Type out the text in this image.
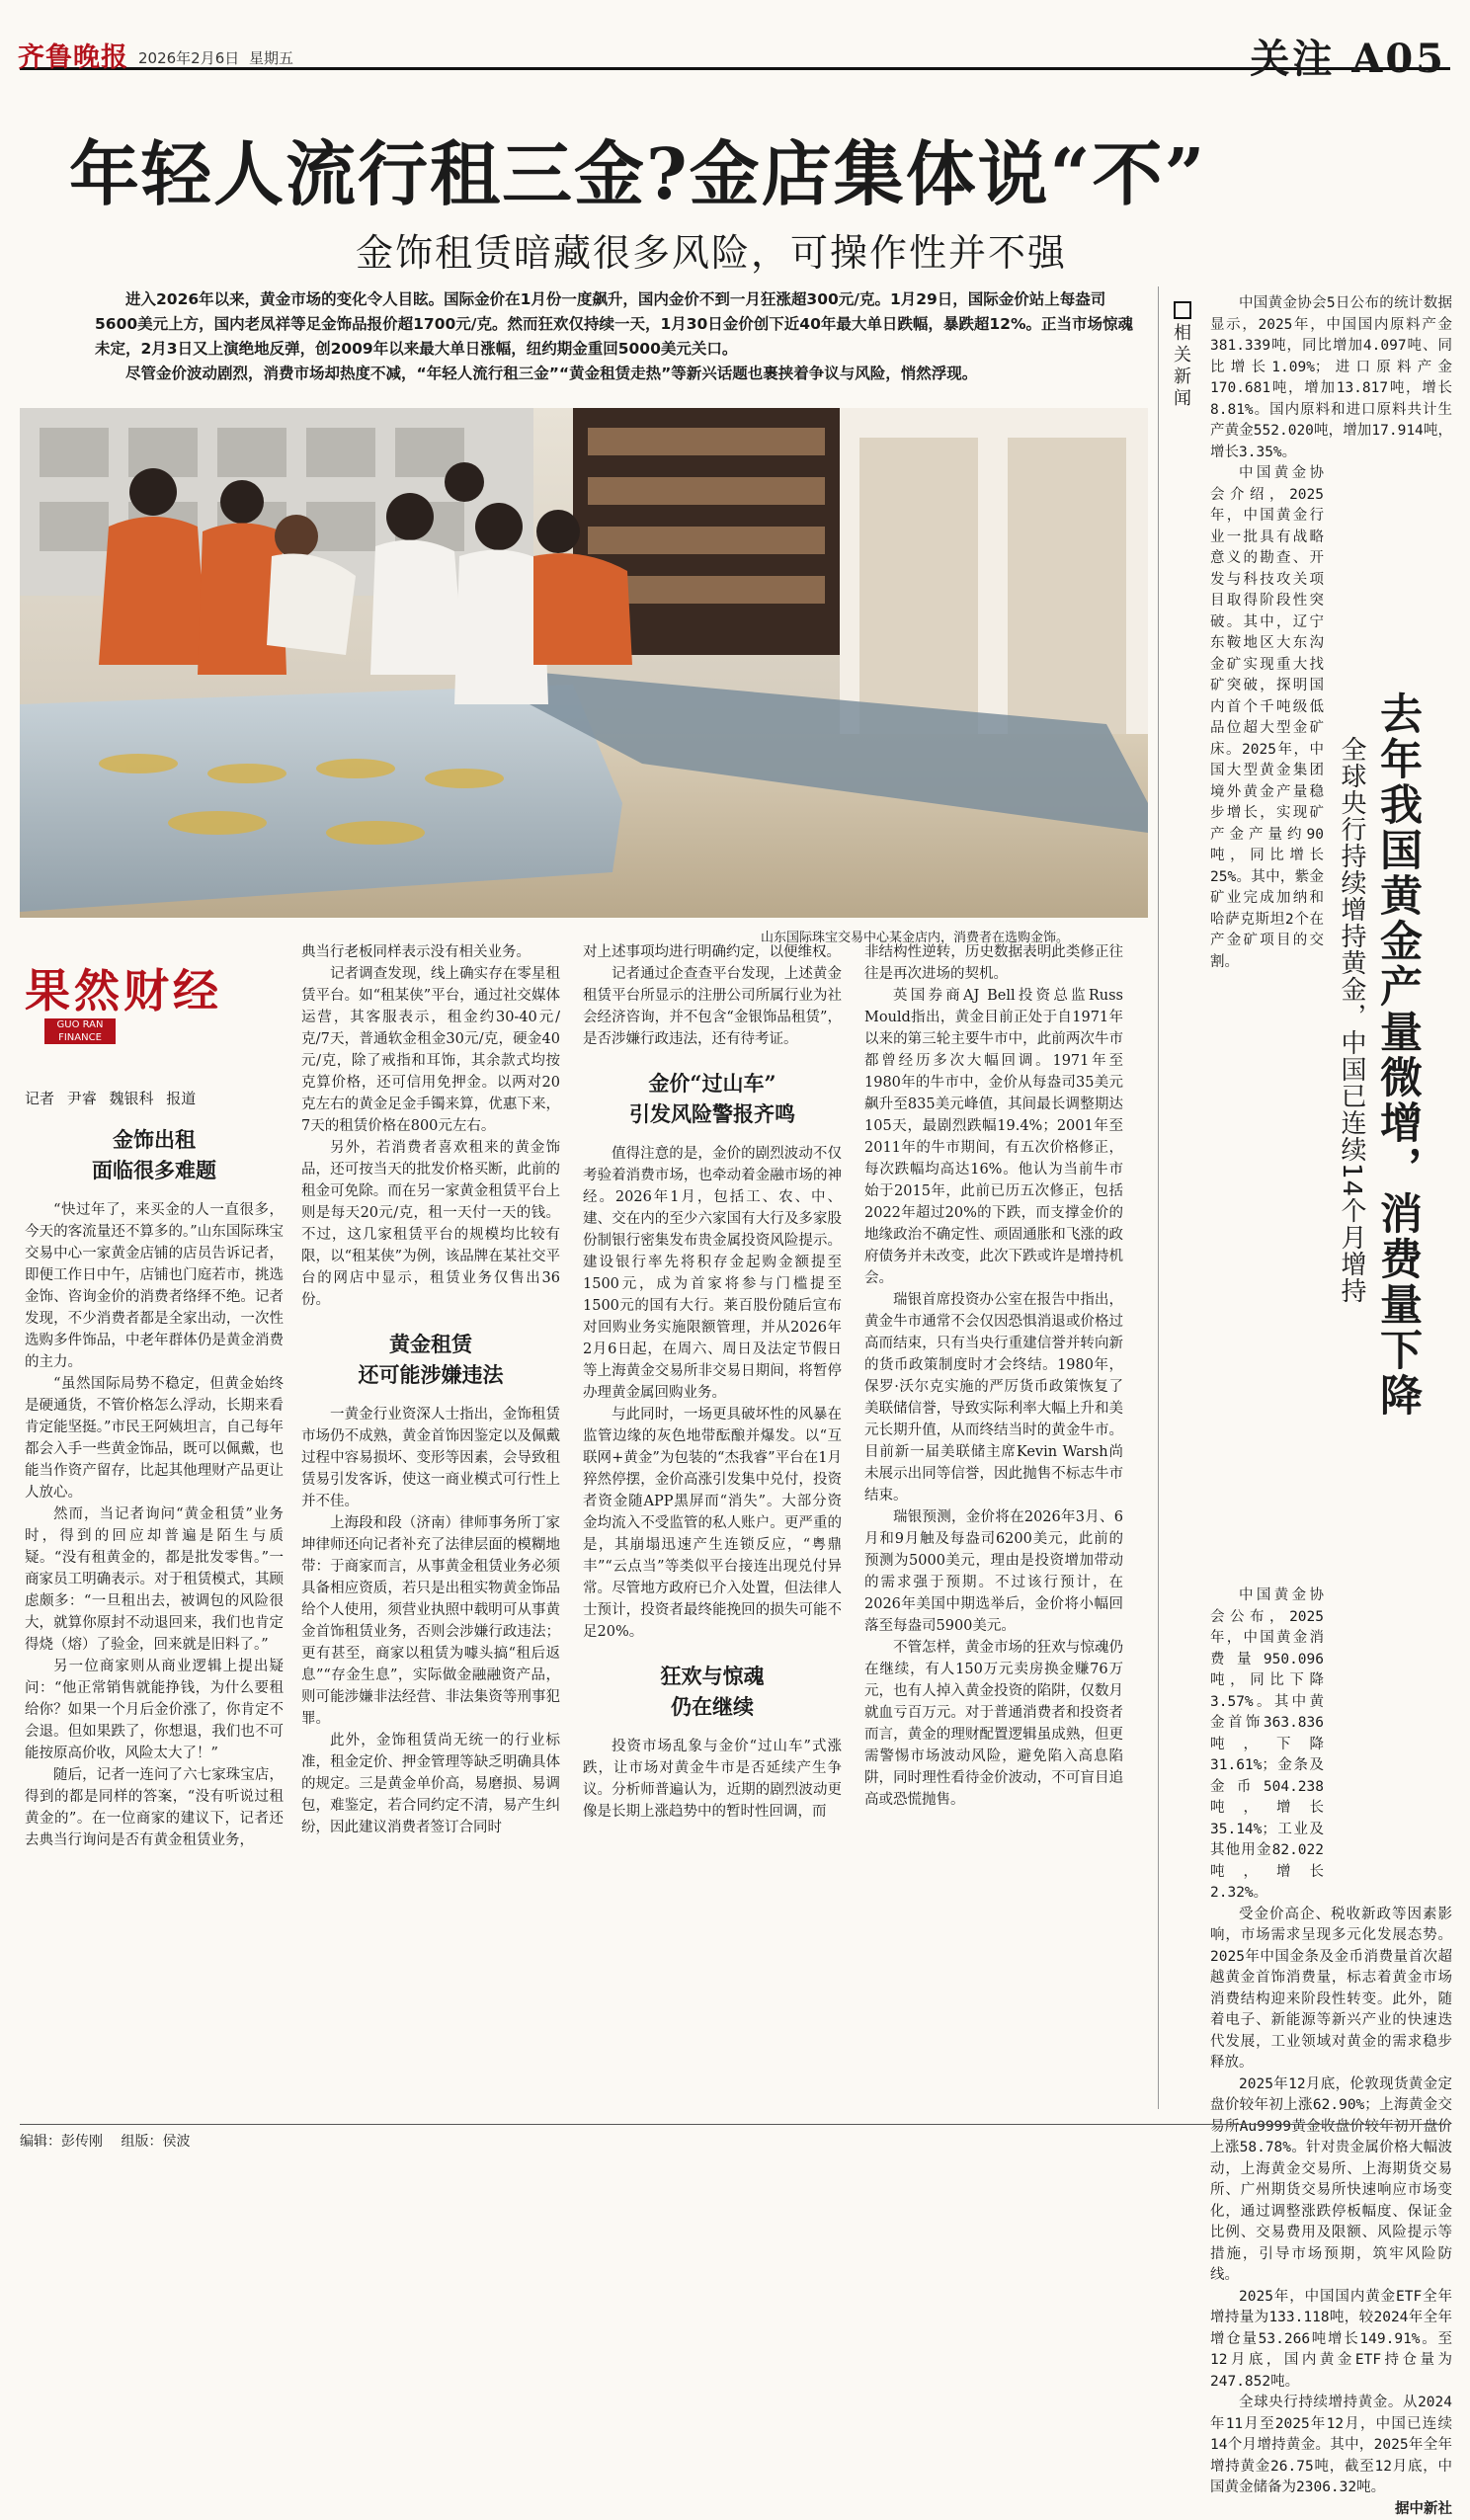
齐鲁晚报 2026年2月6日 星期五	关注 A05
年轻人流行租三金?金店集体说“不”
金饰租赁暗藏很多风险，可操作性并不强

进入2026年以来，黄金市场的变化令人目眩。国际金价在1月份一度飙升，国内金价不到一月狂涨超300元/克。1月29日，国际金价站上每盎司5600美元上方，国内老凤祥等足金饰品报价超1700元/克。然而狂欢仅持续一天，1月30日金价创下近40年最大单日跌幅，暴跌超12%。正当市场惊魂未定，2月3日又上演绝地反弹，创2009年以来最大单日涨幅，纽约期金重回5000美元关口。

尽管金价波动剧烈，消费市场却热度不减，“年轻人流行租三金”“黄金租赁走热”等新兴话题也裹挟着争议与风险，悄然浮现。

山东国际珠宝交易中心某金店内，消费者在选购金饰。
果然财经
GUO RAN FINANCE
记者 尹睿 魏银科 报道
金饰出租
面临很多难题

“快过年了，来买金的人一直很多，今天的客流量还不算多的。”山东国际珠宝交易中心一家黄金店铺的店员告诉记者，即便工作日中午，店铺也门庭若市，挑选金饰、咨询金价的消费者络绎不绝。记者发现，不少消费者都是全家出动，一次性选购多件饰品，中老年群体仍是黄金消费的主力。

“虽然国际局势不稳定，但黄金始终是硬通货，不管价格怎么浮动，长期来看肯定能坚挺。”市民王阿姨坦言，自己每年都会入手一些黄金饰品，既可以佩戴，也能当作资产留存，比起其他理财产品更让人放心。

然而，当记者询问“黄金租赁”业务时，得到的回应却普遍是陌生与质疑。“没有租黄金的，都是批发零售。”一商家员工明确表示。对于租赁模式，其顾虑颇多：“一旦租出去，被调包的风险很大，就算你原封不动退回来，我们也肯定得烧（熔）了验金，回来就是旧料了。”

另一位商家则从商业逻辑上提出疑问：“他正常销售就能挣钱，为什么要租给你？如果一个月后金价涨了，你肯定不会退。但如果跌了，你想退，我们也不可能按原高价收，风险太大了！”

随后，记者一连问了六七家珠宝店，得到的都是同样的答案，“没有听说过租黄金的”。在一位商家的建议下，记者还去典当行询问是否有黄金租赁业务，

典当行老板同样表示没有相关业务。

记者调查发现，线上确实存在零星租赁平台。如“租某侠”平台，通过社交媒体运营，其客服表示，租金约30-40元/克/7天，普通软金租金30元/克，硬金40元/克，除了戒指和耳饰，其余款式均按克算价格，还可信用免押金。以两对20克左右的黄金足金手镯来算，优惠下来，7天的租赁价格在800元左右。

另外，若消费者喜欢租来的黄金饰品，还可按当天的批发价格买断，此前的租金可免除。而在另一家黄金租赁平台上则是每天20元/克，租一天付一天的钱。不过，这几家租赁平台的规模均比较有限，以“租某侠”为例，该品牌在某社交平台的网店中显示，租赁业务仅售出36份。

黄金租赁
还可能涉嫌违法

一黄金行业资深人士指出，金饰租赁市场仍不成熟，黄金首饰因鉴定以及佩戴过程中容易损坏、变形等因素，会导致租赁易引发客诉，使这一商业模式可行性上并不佳。

上海段和段（济南）律师事务所丁家坤律师还向记者补充了法律层面的模糊地带：于商家而言，从事黄金租赁业务必须具备相应资质，若只是出租实物黄金饰品给个人使用，须营业执照中载明可从事黄金首饰租赁业务，否则会涉嫌行政违法；更有甚至，商家以租赁为噱头搞“租后返息”“存金生息”，实际做金融融资产品，则可能涉嫌非法经营、非法集资等刑事犯罪。

此外，金饰租赁尚无统一的行业标准，租金定价、押金管理等缺乏明确具体的规定。三是黄金单价高，易磨损、易调包，难鉴定，若合同约定不清，易产生纠纷，因此建议消费者签订合同时

对上述事项均进行明确约定，以便维权。

记者通过企查查平台发现，上述黄金租赁平台所显示的注册公司所属行业为社会经济咨询，并不包含“金银饰品租赁”，是否涉嫌行政违法，还有待考证。

金价“过山车”
引发风险警报齐鸣

值得注意的是，金价的剧烈波动不仅考验着消费市场，也牵动着金融市场的神经。2026年1月，包括工、农、中、建、交在内的至少六家国有大行及多家股份制银行密集发布贵金属投资风险提示。建设银行率先将积存金起购金额提至1500元，成为首家将参与门槛提至1500元的国有大行。莱百股份随后宣布对回购业务实施限额管理，并从2026年2月6日起，在周六、周日及法定节假日等上海黄金交易所非交易日期间，将暂停办理黄金属回购业务。

与此同时，一场更具破坏性的风暴在监管边缘的灰色地带酝酿并爆发。以“互联网+黄金”为包装的“杰我睿”平台在1月猝然停摆，金价高涨引发集中兑付，投资者资金随APP黑屏而“消失”。大部分资金均流入不受监管的私人账户。更严重的是，其崩塌迅速产生连锁反应，“粤鼎丰”“云点当”等类似平台接连出现兑付异常。尽管地方政府已介入处置，但法律人士预计，投资者最终能挽回的损失可能不足20%。

狂欢与惊魂
仍在继续

投资市场乱象与金价“过山车”式涨跌，让市场对黄金牛市是否延续产生争议。分析师普遍认为，近期的剧烈波动更像是长期上涨趋势中的暂时性回调，而

非结构性逆转，历史数据表明此类修正往往是再次进场的契机。

英国券商AJ Bell投资总监Russ Mould指出，黄金目前正处于自1971年以来的第三轮主要牛市中，此前两次牛市都曾经历多次大幅回调。1971年至1980年的牛市中，金价从每盎司35美元飙升至835美元峰值，其间最长调整期达105天，最剧烈跌幅19.4%；2001年至2011年的牛市期间，有五次价格修正，每次跌幅均高达16%。他认为当前牛市始于2015年，此前已历五次修正，包括2022年超过20%的下跌，而支撑金价的地缘政治不确定性、顽固通胀和飞涨的政府债务并未改变，此次下跌或许是增持机会。

瑞银首席投资办公室在报告中指出，黄金牛市通常不会仅因恐惧消退或价格过高而结束，只有当央行重建信誉并转向新的货币政策制度时才会终结。1980年，保罗·沃尔克实施的严厉货币政策恢复了美联储信誉，导致实际利率大幅上升和美元长期升值，从而终结当时的黄金牛市。目前新一届美联储主席Kevin Warsh尚未展示出同等信誉，因此抛售不标志牛市结束。

瑞银预测，金价将在2026年3月、6月和9月触及每盎司6200美元，此前的预测为5000美元，理由是投资增加带动的需求强于预期。不过该行预计，在2026年美国中期选举后，金价将小幅回落至每盎司5900美元。

不管怎样，黄金市场的狂欢与惊魂仍在继续，有人150万元卖房换金赚76万元，也有人掉入黄金投资的陷阱，仅数月就血亏百万元。对于普通消费者和投资者而言，黄金的理财配置逻辑虽成熟，但更需警惕市场波动风险，避免陷入高息陷阱，同时理性看待金价波动，不可盲目追高或恐慌抛售。

相关新闻
去年我国黄金产量微增，消费量下降
全球央行持续增持黄金，中国已连续14个月增持

中国黄金协会5日公布的统计数据显示，2025年，中国国内原料产金381.339吨，同比增加4.097吨、同比增长1.09%；进口原料产金170.681吨，增加13.817吨，增长8.81%。国内原料和进口原料共计生产黄金552.020吨，增加17.914吨，增长3.35%。

中国黄金协会介绍，2025年，中国黄金行业一批具有战略意义的勘查、开发与科技攻关项目取得阶段性突破。其中，辽宁东鞍地区大东沟金矿实现重大找矿突破，探明国内首个千吨级低品位超大型金矿床。2025年，中国大型黄金集团境外黄金产量稳步增长，实现矿产金产量约90吨，同比增长25%。其中，紫金矿业完成加纳和哈萨克斯坦2个在产金矿项目的交割。

中国黄金协会公布，2025年，中国黄金消费量950.096吨，同比下降3.57%。其中黄金首饰363.836吨，下降31.61%；金条及金币504.238吨，增长35.14%；工业及其他用金82.022吨，增长2.32%。

受金价高企、税收新政等因素影响，市场需求呈现多元化发展态势。2025年中国金条及金币消费量首次超越黄金首饰消费量，标志着黄金市场消费结构迎来阶段性转变。此外，随着电子、新能源等新兴产业的快速迭代发展，工业领域对黄金的需求稳步释放。

2025年12月底，伦敦现货黄金定盘价较年初上涨62.90%；上海黄金交易所Au9999黄金收盘价较年初开盘价上涨58.78%。针对贵金属价格大幅波动，上海黄金交易所、上海期货交易所、广州期货交易所快速响应市场变化，通过调整涨跌停板幅度、保证金比例、交易费用及限额、风险提示等措施，引导市场预期，筑牢风险防线。

2025年，中国国内黄金ETF全年增持量为133.118吨，较2024年全年增仓量53.266吨增长149.91%。至12月底，国内黄金ETF持仓量为247.852吨。

全球央行持续增持黄金。从2024年11月至2025年12月，中国已连续14个月增持黄金。其中，2025年全年增持黄金26.75吨，截至12月底，中国黄金储备为2306.32吨。

据中新社
编辑：彭传刚 组版：侯波
